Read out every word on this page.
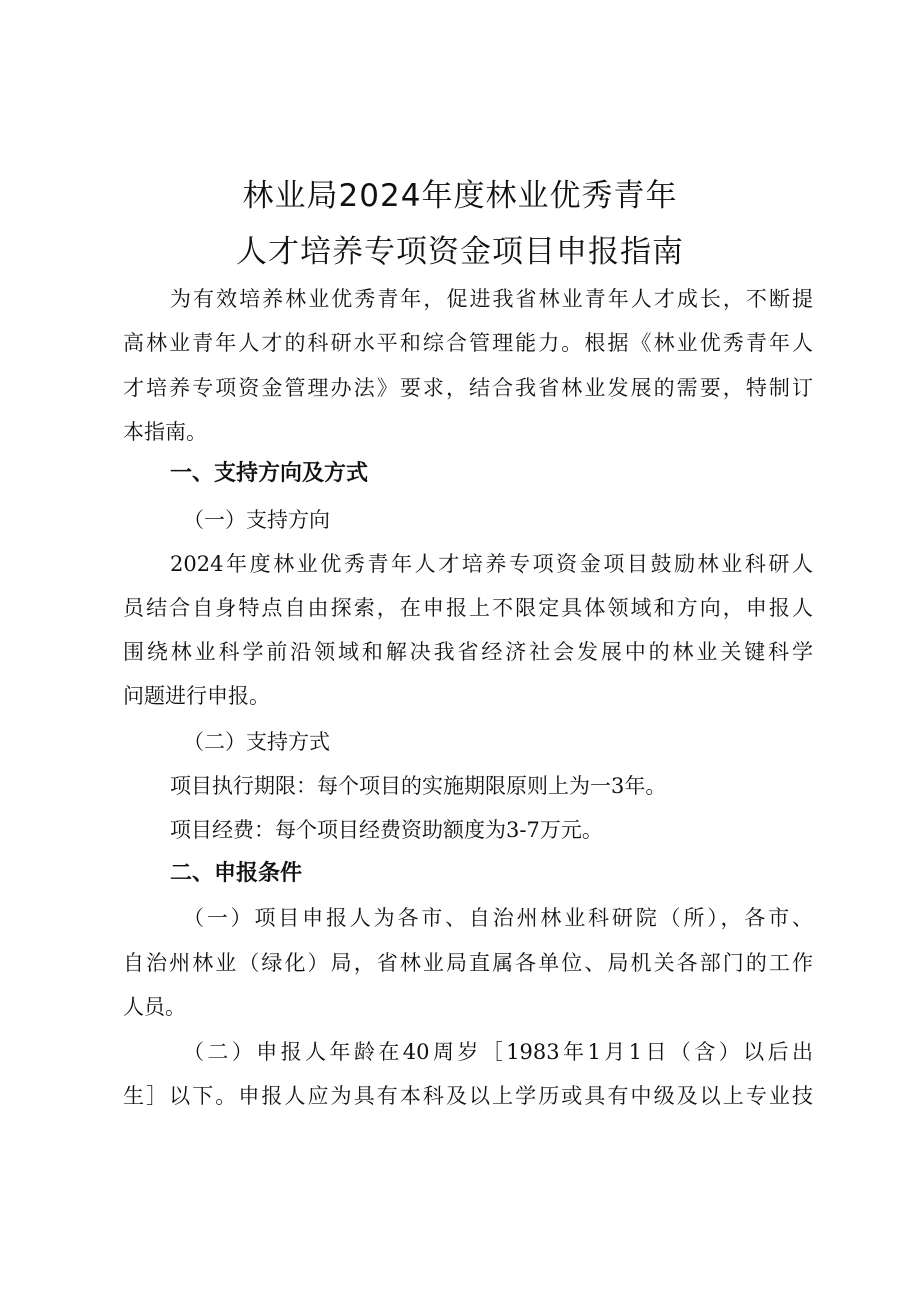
林业局2024年度林业优秀青年
人才培养专项资金项目申报指南
为有效培养林业优秀青年，促进我省林业青年人才成长，不断提
高林业青年人才的科研水平和综合管理能力。根据《林业优秀青年人
才培养专项资金管理办法》要求，结合我省林业发展的需要，特制订
本指南。
一、支持方向及方式
（一）支持方向
2024年度林业优秀青年人才培养专项资金项目鼓励林业科研人
员结合自身特点自由探索，在申报上不限定具体领域和方向，申报人
围绕林业科学前沿领域和解决我省经济社会发展中的林业关键科学
问题进行申报。
（二）支持方式
项目执行期限：每个项目的实施期限原则上为一3年。
项目经费：每个项目经费资助额度为3-7万元。
二、申报条件
（一）项目申报人为各市、自治州林业科研院（所），各市、
自治州林业（绿化）局，省林业局直属各单位、局机关各部门的工作
人员。
（二）申报人年龄在40周岁［1983年1月1日（含）以后出
生］以下。申报人应为具有本科及以上学历或具有中级及以上专业技
